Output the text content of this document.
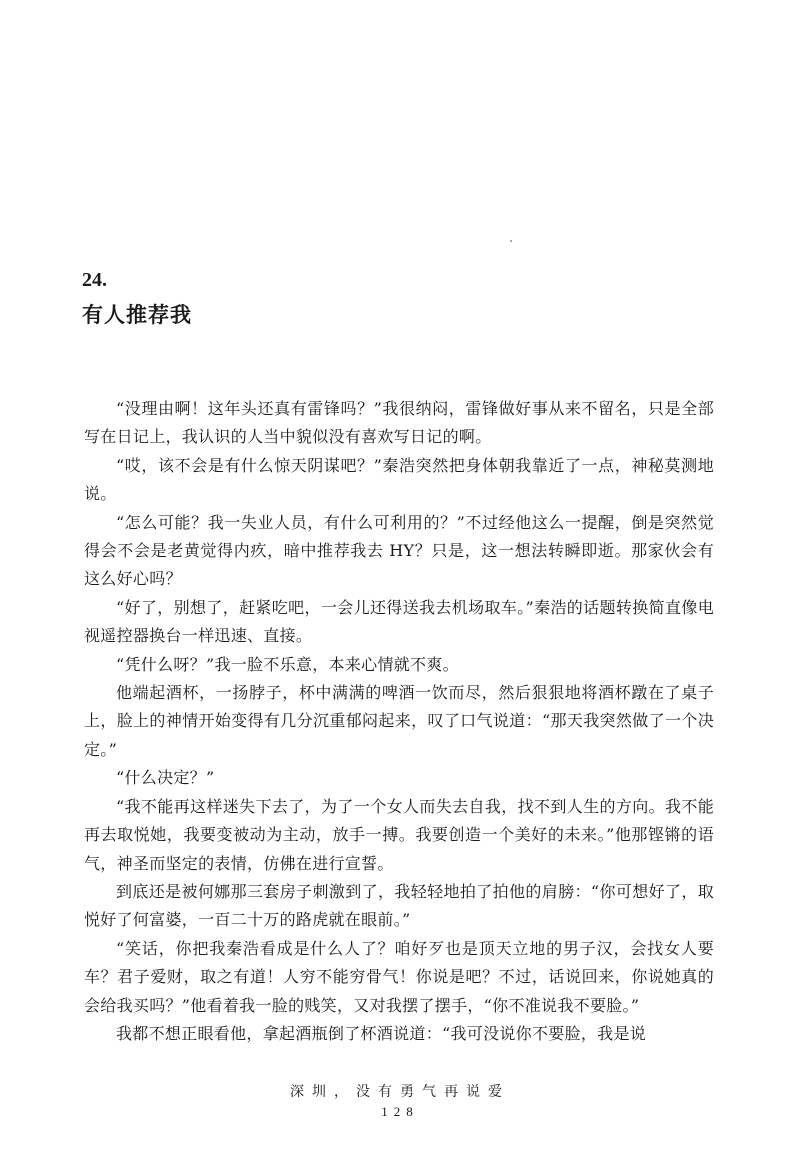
24.
有人推荐我

“没理由啊！这年头还真有雷锋吗？”我很纳闷，雷锋做好事从来不留名，只是全部写在日记上，我认识的人当中貌似没有喜欢写日记的啊。

“哎，该不会是有什么惊天阴谋吧？”秦浩突然把身体朝我靠近了一点，神秘莫测地说。

“怎么可能？我一失业人员，有什么可利用的？”不过经他这么一提醒，倒是突然觉得会不会是老黄觉得内疚，暗中推荐我去 HY？只是，这一想法转瞬即逝。那家伙会有这么好心吗？

“好了，别想了，赶紧吃吧，一会儿还得送我去机场取车。”秦浩的话题转换简直像电视遥控器换台一样迅速、直接。

“凭什么呀？”我一脸不乐意，本来心情就不爽。

他端起酒杯，一扬脖子，杯中满满的啤酒一饮而尽，然后狠狠地将酒杯蹾在了桌子上，脸上的神情开始变得有几分沉重郁闷起来，叹了口气说道：“那天我突然做了一个决定。”

“什么决定？”

“我不能再这样迷失下去了，为了一个女人而失去自我，找不到人生的方向。我不能再去取悦她，我要变被动为主动，放手一搏。我要创造一个美好的未来。”他那铿锵的语气，神圣而坚定的表情，仿佛在进行宣誓。

到底还是被何娜那三套房子刺激到了，我轻轻地拍了拍他的肩膀：“你可想好了，取悦好了何富婆，一百二十万的路虎就在眼前。”

“笑话，你把我秦浩看成是什么人了？咱好歹也是顶天立地的男子汉，会找女人要车？君子爱财，取之有道！人穷不能穷骨气！你说是吧？不过，话说回来，你说她真的会给我买吗？”他看着我一脸的贱笑，又对我摆了摆手，“你不准说我不要脸。”

我都不想正眼看他，拿起酒瓶倒了杯酒说道：“我可没说你不要脸，我是说

深圳，没有勇气再说爱
128
